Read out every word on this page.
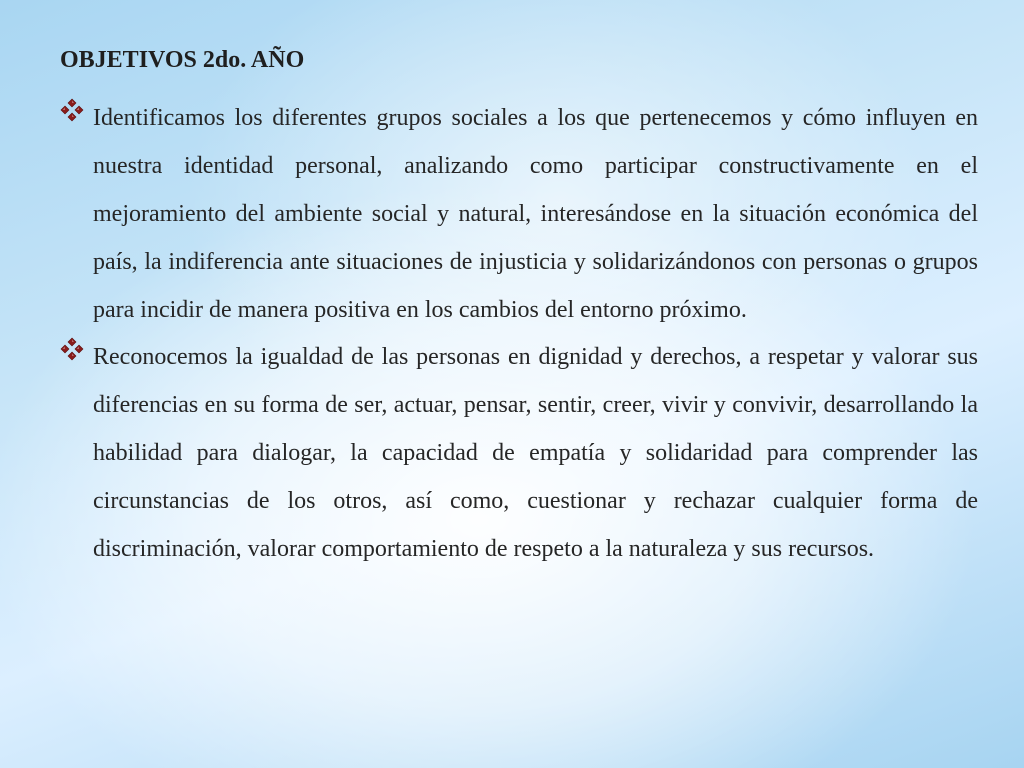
OBJETIVOS 2do. AÑO
Identificamos los diferentes grupos sociales a los que pertenecemos y cómo influyen en nuestra identidad personal, analizando como participar constructivamente en el mejoramiento del ambiente social y natural, interesándose en la situación económica del país, la indiferencia ante situaciones de injusticia y solidarizándonos con personas o grupos para incidir de manera positiva en los cambios del entorno próximo.
Reconocemos la igualdad de las personas en dignidad y derechos, a respetar y valorar sus diferencias en su forma de ser, actuar, pensar, sentir, creer, vivir y convivir, desarrollando la habilidad para dialogar, la capacidad de empatía y solidaridad para comprender las circunstancias de los otros, así como, cuestionar y rechazar cualquier forma de discriminación, valorar comportamiento de respeto a la naturaleza y sus recursos.
